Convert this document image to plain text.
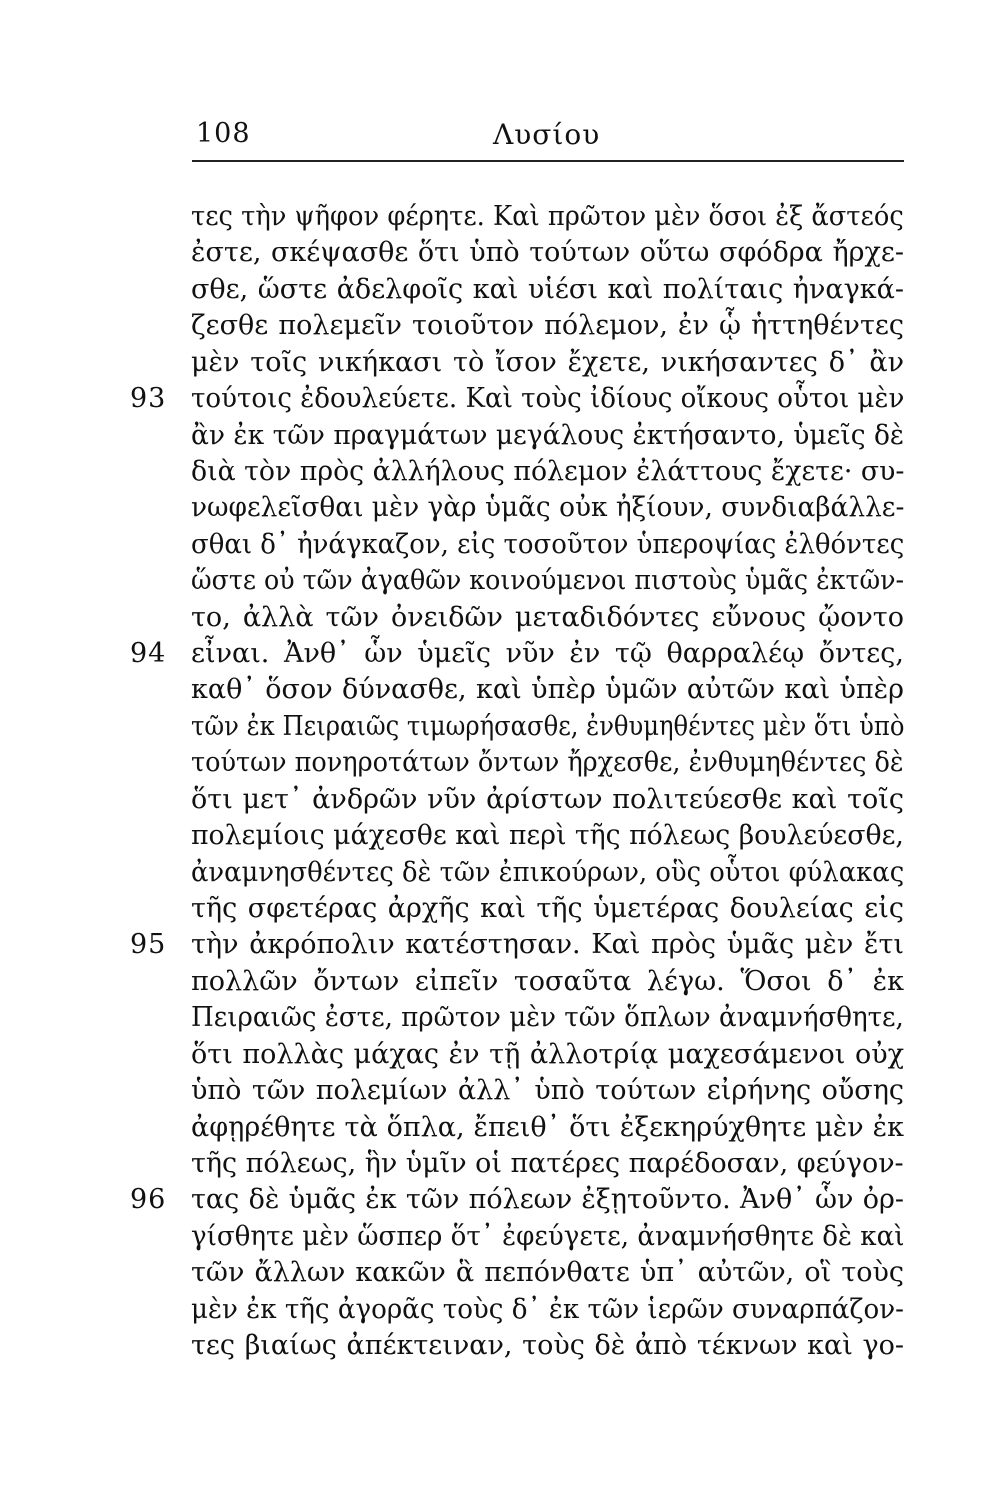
108	Λυσίου
τες τὴν ψῆφον φέρητε. Καὶ πρῶτον μὲν ὅσοι ἐξ ἄστεός
ἐστε, σκέψασθε ὅτι ὑπὸ τούτων οὕτω σφόδρα ἤρχε-
σθε, ὥστε ἀδελφοῖς καὶ υἱέσι καὶ πολίταις ἠναγκά-
ζεσθε πολεμεῖν τοιοῦτον πόλεμον, ἐν ᾧ ἡττηθέντες
μὲν τοῖς νικήκασι τὸ ἴσον ἔχετε, νικήσαντες δ᾽ ἂν
93 τούτοις ἐδουλεύετε. Καὶ τοὺς ἰδίους οἴκους οὗτοι μὲν
ἂν ἐκ τῶν πραγμάτων μεγάλους ἐκτήσαντο, ὑμεῖς δὲ
διὰ τὸν πρὸς ἀλλήλους πόλεμον ἐλάττους ἔχετε· συ-
νωφελεῖσθαι μὲν γὰρ ὑμᾶς οὐκ ἠξίουν, συνδιαβάλλε-
σθαι δ᾽ ἠνάγκαζον, εἰς τοσοῦτον ὑπεροψίας ἐλθόντες
ὥστε οὐ τῶν ἀγαθῶν κοινούμενοι πιστοὺς ὑμᾶς ἐκτῶν-
το, ἀλλὰ τῶν ὀνειδῶν μεταδιδόντες εὔνους ᾤοντο
94 εἶναι. Ἀνθ᾽ ὧν ὑμεῖς νῦν ἐν τῷ θαρραλέῳ ὄντες,
καθ᾽ ὅσον δύνασθε, καὶ ὑπὲρ ὑμῶν αὐτῶν καὶ ὑπὲρ
τῶν ἐκ Πειραιῶς τιμωρήσασθε, ἐνθυμηθέντες μὲν ὅτι ὑπὸ
τούτων πονηροτάτων ὄντων ἤρχεσθε, ἐνθυμηθέντες δὲ
ὅτι μετ᾽ ἀνδρῶν νῦν ἀρίστων πολιτεύεσθε καὶ τοῖς
πολεμίοις μάχεσθε καὶ περὶ τῆς πόλεως βουλεύεσθε,
ἀναμνησθέντες δὲ τῶν ἐπικούρων, οὓς οὗτοι φύλακας
τῆς σφετέρας ἀρχῆς καὶ τῆς ὑμετέρας δουλείας εἰς
95 τὴν ἀκρόπολιν κατέστησαν. Καὶ πρὸς ὑμᾶς μὲν ἔτι
πολλῶν ὄντων εἰπεῖν τοσαῦτα λέγω. Ὅσοι δ᾽ ἐκ
Πειραιῶς ἐστε, πρῶτον μὲν τῶν ὅπλων ἀναμνήσθητε,
ὅτι πολλὰς μάχας ἐν τῇ ἀλλοτρίᾳ μαχεσάμενοι οὐχ
ὑπὸ τῶν πολεμίων ἀλλ᾽ ὑπὸ τούτων εἰρήνης οὔσης
ἀφῃρέθητε τὰ ὅπλα, ἔπειθ᾽ ὅτι ἐξεκηρύχθητε μὲν ἐκ
τῆς πόλεως, ἣν ὑμῖν οἱ πατέρες παρέδοσαν, φεύγον-
96 τας δὲ ὑμᾶς ἐκ τῶν πόλεων ἐξῃτοῦντο. Ἀνθ᾽ ὧν ὀρ-
γίσθητε μὲν ὥσπερ ὅτ᾽ ἐφεύγετε, ἀναμνήσθητε δὲ καὶ
τῶν ἄλλων κακῶν ἃ πεπόνθατε ὑπ᾽ αὐτῶν, οἳ τοὺς
μὲν ἐκ τῆς ἀγορᾶς τοὺς δ᾽ ἐκ τῶν ἱερῶν συναρπάζον-
τες βιαίως ἀπέκτειναν, τοὺς δὲ ἀπὸ τέκνων καὶ γο-
